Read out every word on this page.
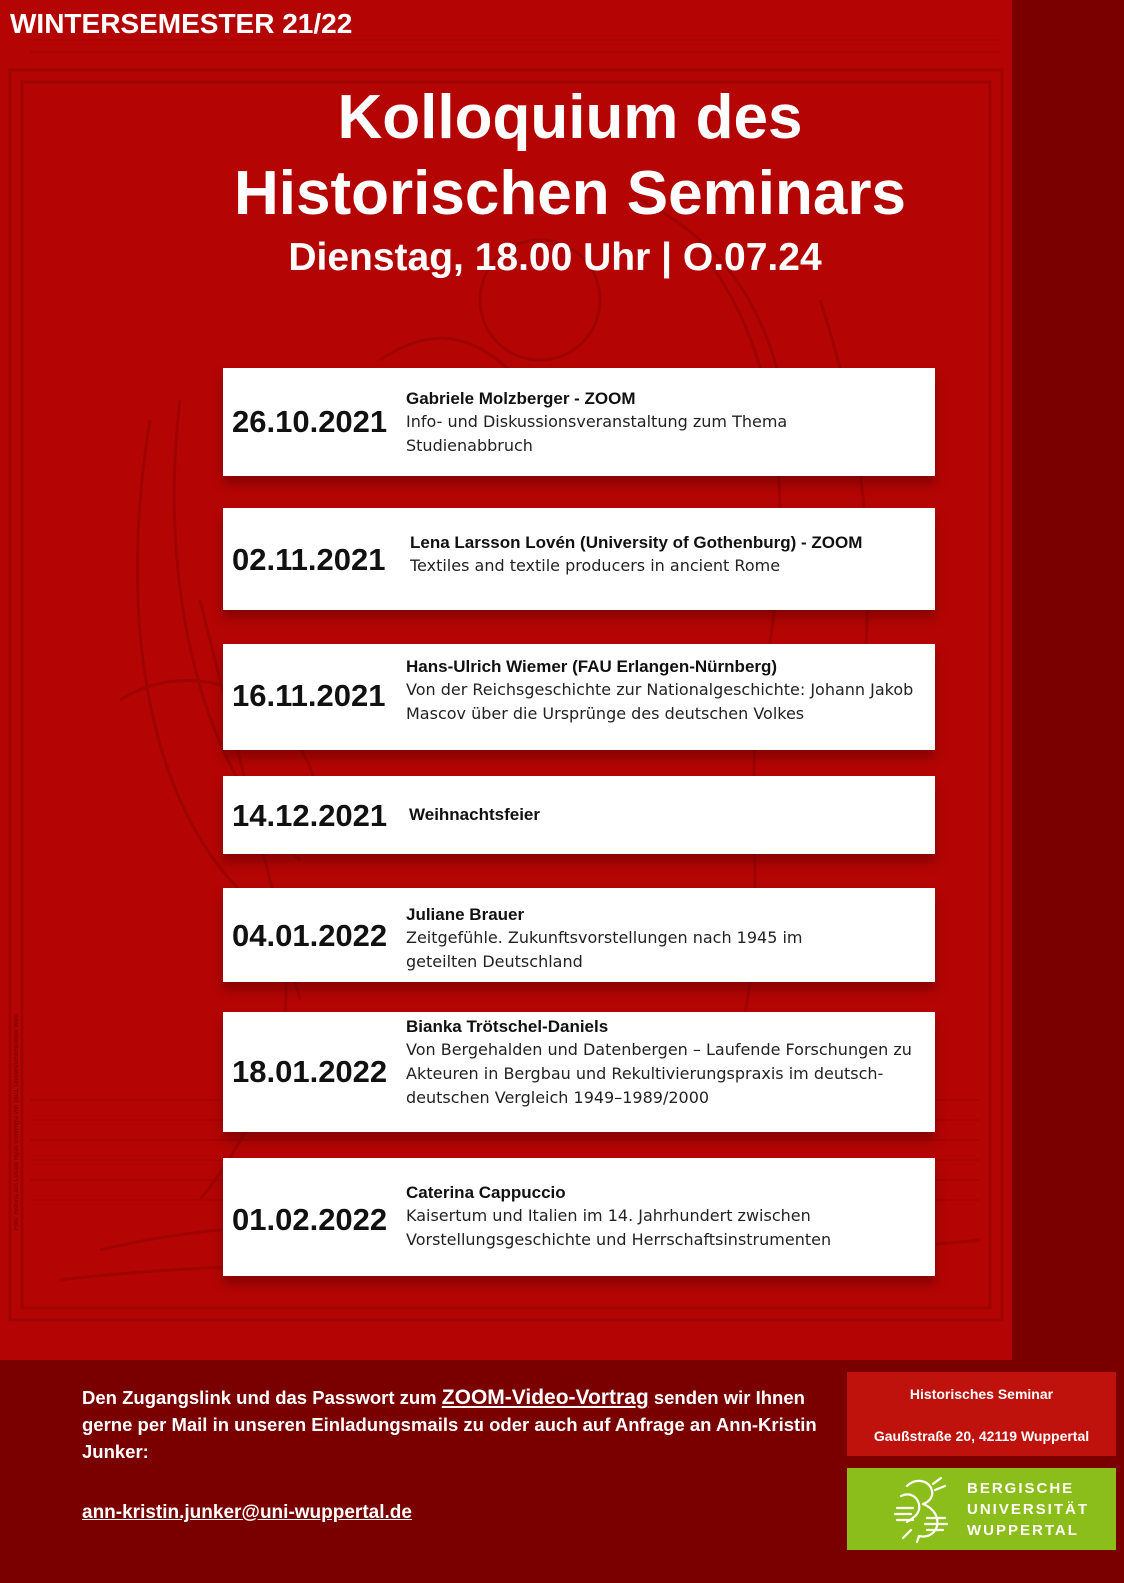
WINTERSEMESTER 21/22
Kolloquium des
Historischen Seminars
Dienstag, 18.00 Uhr | O.07.24
26.10.2021
Gabriele Molzberger - ZOOM
Info- und Diskussionsveranstaltung zum Thema Studienabbruch
02.11.2021 Lena Larsson Lovén (University of Gothenburg) - ZOOM
Textiles and textile producers in ancient Rome
16.11.2021
Hans-Ulrich Wiemer (FAU Erlangen-Nürnberg)
Von der Reichsgeschichte zur Nationalgeschichte: Johann Jakob Mascov über die Ursprünge des deutschen Volkes
14.12.2021 Weihnachtsfeier
04.01.2022
Juliane Brauer
Zeitgefühle. Zukunftsvorstellungen nach 1945 im geteilten Deutschland
18.01.2022
Bianka Trötschel-Daniels
Von Bergehalden und Datenbergen – Laufende Forschungen zu Akteuren in Bergbau und Rekultivierungspraxis im deutsch-deutschen Vergleich 1949–1989/2000
01.02.2022
Caterina Cappuccio
Kaisertum und Italien im 14. Jahrhundert zwischen Vorstellungsgeschichte und Herrschaftsinstrumenten
Foto: Historia aus Cesare Ripas Iconologia von 1603, Universitätsbibliothek Wien
Den Zugangslink und das Passwort zum ZOOM-Video-Vortrag senden wir Ihnen gerne per Mail in unseren Einladungsmails zu oder auch auf Anfrage an Ann-Kristin Junker:
ann-kristin.junker@uni-wuppertal.de
Historisches Seminar
Gaußstraße 20, 42119 Wuppertal
BERGISCHE
UNIVERSITÄT
WUPPERTAL
